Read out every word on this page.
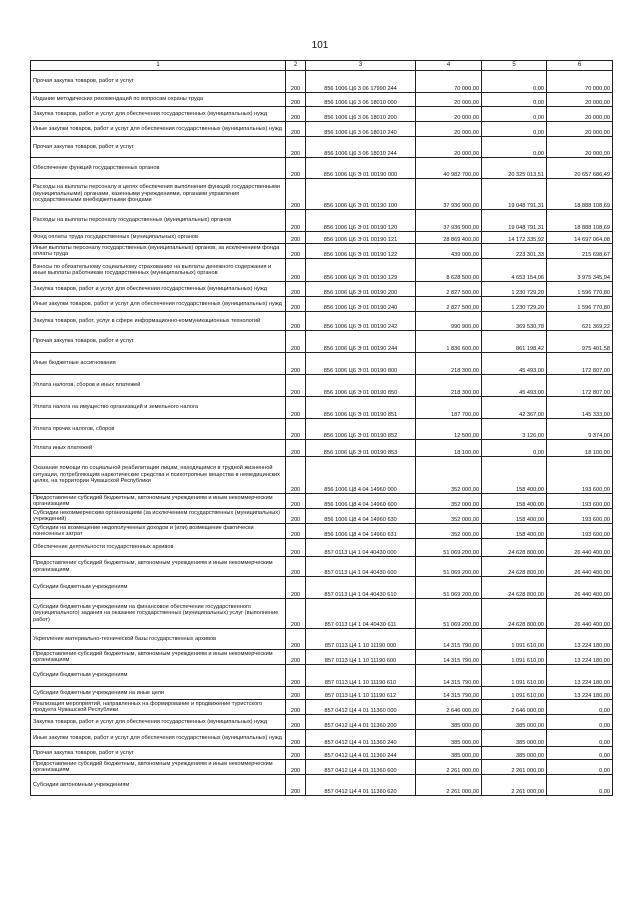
101
1	2	3	4	5	6
Прочая закупка товаров, работ и услуг	200	856 1006 Ц6 3 06 17990 244	70 000,00	0,00	70 000,00
Издание методических рекомендаций по вопросам охраны труда	200	856 1006 Ц6 3 06 18010 000	20 000,00	0,00	20 000,00
Закупка товаров, работ и услуг для обеспечения государственных (муниципальных) нужд	200	856 1006 Ц6 3 06 18010 200	20 000,00	0,00	20 000,00
Иные закупки товаров, работ и услуг для обеспечения государственных (муниципальных) нужд	200	856 1006 Ц6 3 06 18010 240	20 000,00	0,00	20 000,00
Прочая закупка товаров, работ и услуг	200	856 1006 Ц6 3 06 18010 244	20 000,00	0,00	20 000,00
Обеспечение функций государственных органов	200	856 1006 Ц6 Э 01 00190 000	40 982 700,00	20 325 013,51	20 657 686,49
Расходы на выплаты персоналу в целях обеспечения выполнения функций государственными (муниципальными) органами, казенными учреждениями, органами управления государственными внебюджетными фондами	200	856 1006 Ц6 Э 01 00190 100	37 936 900,00	19 048 791,31	18 888 108,69
Расходы на выплаты персоналу государственных (муниципальных) органов	200	856 1006 Ц6 Э 01 00190 120	37 936 900,00	19 048 791,31	18 888 108,69
Фонд оплаты труда государственных (муниципальных) органов	200	856 1006 Ц6 Э 01 00190 121	28 869 400,00	14 172 335,92	14 697 064,08
Иные выплаты персоналу государственных (муниципальных) органов, за исключением фонда оплаты труда	200	856 1006 Ц6 Э 01 00190 122	439 000,00	223 301,33	215 698,67
Взносы по обязательному социальному страхованию на выплаты денежного содержания и иные выплаты работникам государственных (муниципальных) органов	200	856 1006 Ц6 Э 01 00190 129	8 628 500,00	4 653 154,06	3 975 345,94
Закупка товаров, работ и услуг для обеспечения государственных (муниципальных) нужд	200	856 1006 Ц6 Э 01 00190 200	2 827 500,00	1 230 729,20	1 596 770,80
Иные закупки товаров, работ и услуг для обеспечения государственных (муниципальных) нужд	200	856 1006 Ц6 Э 01 00190 240	2 827 500,00	1 230 729,20	1 596 770,80
Закупка товаров, работ, услуг в сфере информационно-коммуникационных технологий	200	856 1006 Ц6 Э 01 00190 242	990 900,00	369 530,78	621 369,22
Прочая закупка товаров, работ и услуг	200	856 1006 Ц6 Э 01 00190 244	1 836 600,00	861 198,42	975 401,58
Иные бюджетные ассигнования	200	856 1006 Ц6 Э 01 00190 800	218 300,00	45 493,00	172 807,00
Уплата налогов, сборов и иных платежей	200	856 1006 Ц6 Э 01 00190 850	218 300,00	45 493,00	172 807,00
Уплата налога на имущество организаций и земельного налога	200	856 1006 Ц6 Э 01 00190 851	187 700,00	42 367,00	145 333,00
Уплата прочих налогов, сборов	200	856 1006 Ц6 Э 01 00190 852	12 500,00	3 126,00	9 374,00
Уплата иных платежей	200	856 1006 Ц6 Э 01 00190 853	18 100,00	0,00	18 100,00
Оказание помощи по социальной реабилитации лицам, находящимся в трудной жизненной ситуации, потребляющим наркотические средства и психотропные вещества в немедицинских целях, на территории Чувашской Республики	200	856 1006 Ц8 4 04 14960 000	352 000,00	158 400,00	193 600,00
Предоставление субсидий бюджетным, автономным учреждениям и иным некоммерческим организациям	200	856 1006 Ц8 4 04 14960 600	352 000,00	158 400,00	193 600,00
Субсидии некоммерческим организациям (за исключением государственных (муниципальных) учреждений)	200	856 1006 Ц8 4 04 14960 630	352 000,00	158 400,00	193 600,00
Субсидии на возмещение недополученных доходов и (или) возмещение фактически понесенных затрат	200	856 1006 Ц8 4 04 14960 631	352 000,00	158 400,00	193 600,00
Обеспечение деятельности государственных архивов	200	857 0113 Ц4 1 04 40430 000	51 069 200,00	24 628 800,00	26 440 400,00
Предоставление субсидий бюджетным, автономным учреждениям и иным некоммерческим организациям	200	857 0113 Ц4 1 04 40430 600	51 069 200,00	24 628 800,00	26 440 400,00
Субсидии бюджетным учреждениям	200	857 0113 Ц4 1 04 40430 610	51 069 200,00	24 628 800,00	26 440 400,00
Субсидии бюджетным учреждениям на финансовое обеспечение государственного (муниципального) задания на оказание государственных (муниципальных) услуг (выполнение работ)	200	857 0113 Ц4 1 04 40430 611	51 069 200,00	24 628 800,00	26 440 400,00
Укрепление материально-технической базы государственных архивов	200	857 0113 Ц4 1 10 11190 000	14 315 790,00	1 091 610,00	13 224 180,00
Предоставление субсидий бюджетным, автономным учреждениям и иным некоммерческим организациям	200	857 0113 Ц4 1 10 11190 600	14 315 790,00	1 091 610,00	13 224 180,00
Субсидии бюджетным учреждениям	200	857 0113 Ц4 1 10 11190 610	14 315 790,00	1 091 610,00	13 224 180,00
Субсидии бюджетным учреждениям на иные цели	200	857 0113 Ц4 1 10 11190 612	14 315 790,00	1 091 610,00	13 224 180,00
Реализация мероприятий, направленных на формирование и продвижение туристского продукта Чувашской Республики	200	857 0412 Ц4 4 01 11360 000	2 646 000,00	2 646 000,00	0,00
Закупка товаров, работ и услуг для обеспечения государственных (муниципальных) нужд	200	857 0412 Ц4 4 01 11360 200	385 000,00	385 000,00	0,00
Иные закупки товаров, работ и услуг для обеспечения государственных (муниципальных) нужд	200	857 0412 Ц4 4 01 11360 240	385 000,00	385 000,00	0,00
Прочая закупка товаров, работ и услуг	200	857 0412 Ц4 4 01 11360 244	385 000,00	385 000,00	0,00
Предоставление субсидий бюджетным, автономным учреждениям и иным некоммерческим организациям	200	857 0412 Ц4 4 01 11360 600	2 261 000,00	2 261 000,00	0,00
Субсидии автономным учреждениям	200	857 0412 Ц4 4 01 11360 620	2 261 000,00	2 261 000,00	0,00
